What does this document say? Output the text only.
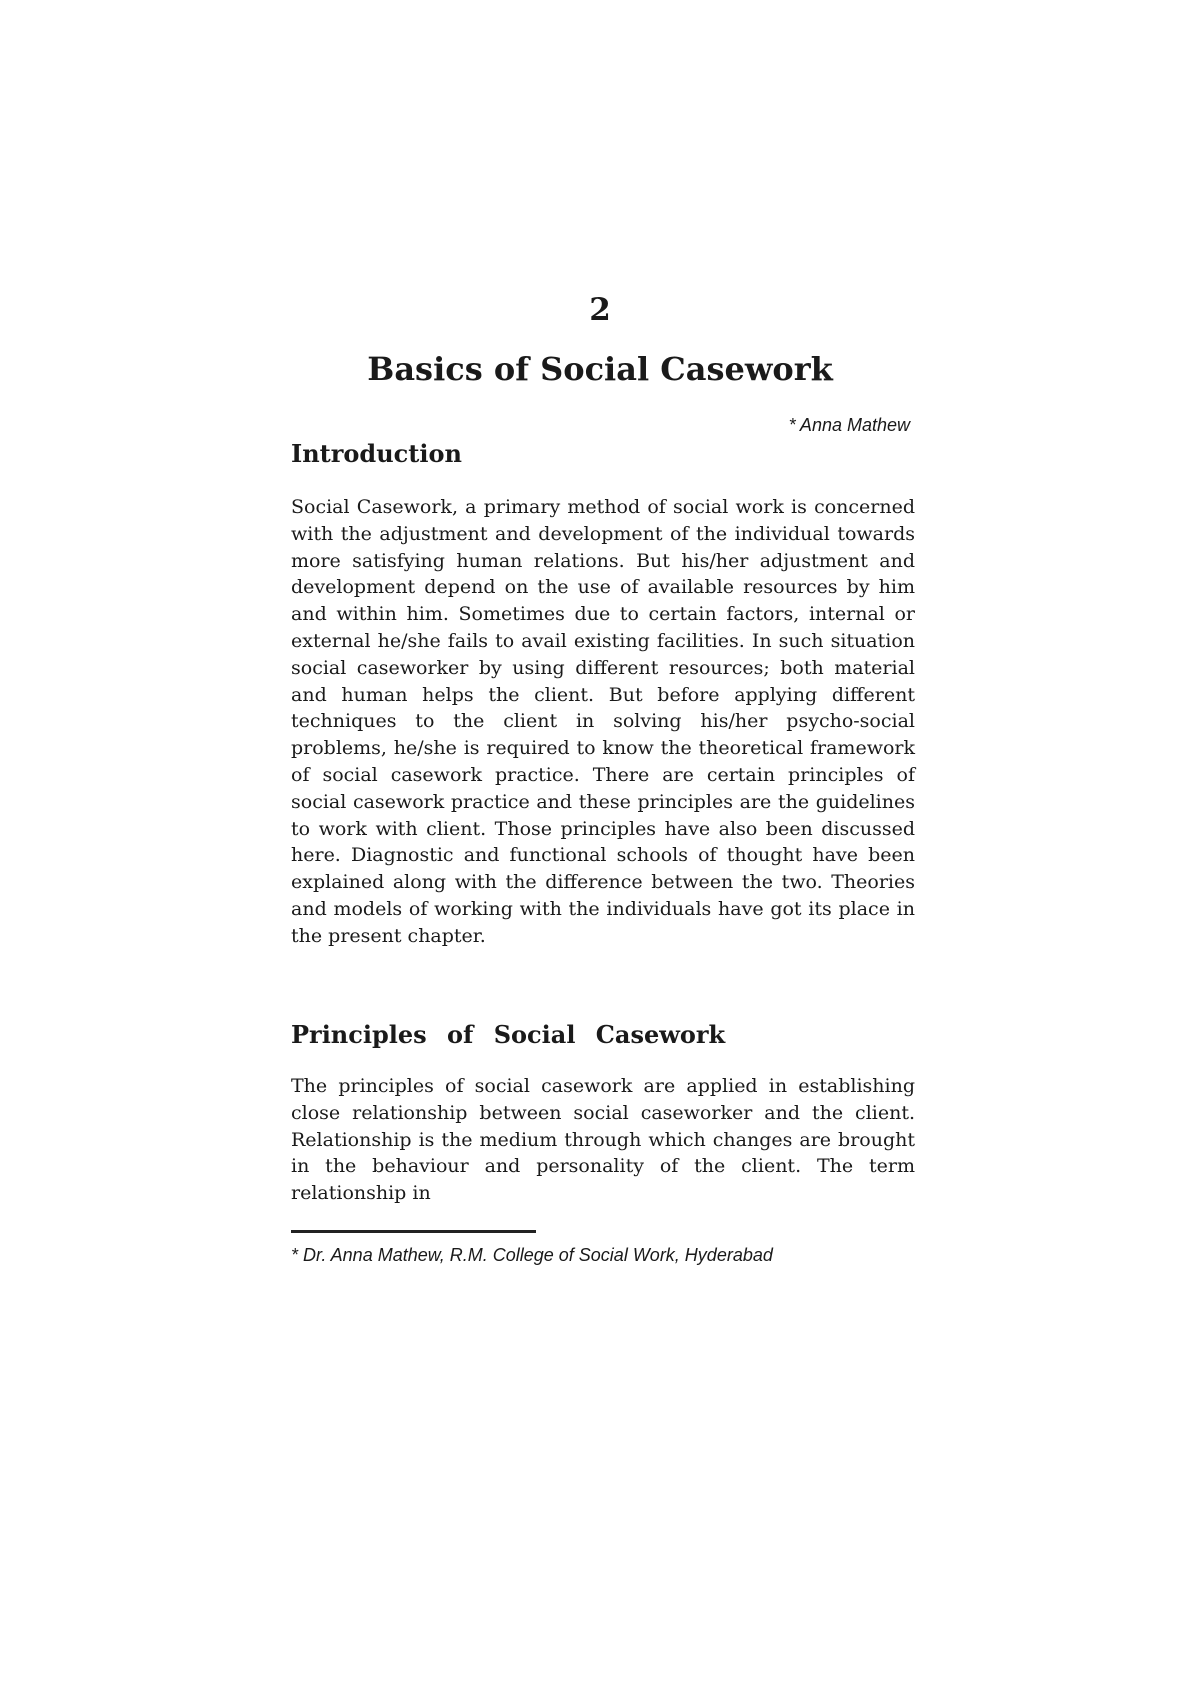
2
Basics of Social Casework
* Anna Mathew
Introduction

Social Casework, a primary method of social work is concerned with the adjustment and development of the individual towards more satisfying human relations. But his/her adjustment and development depend on the use of available resources by him and within him. Sometimes due to certain factors, internal or external he/she fails to avail existing facilities. In such situation social caseworker by using different resources; both material and human helps the client. But before applying different techniques to the client in solving his/her psycho-social problems, he/she is required to know the theoretical framework of social casework practice. There are certain principles of social casework practice and these principles are the guidelines to work with client. Those principles have also been discussed here. Diagnostic and functional schools of thought have been explained along with the difference between the two. Theories and models of working with the individuals have got its place in the present chapter.

Principles of Social Casework

The principles of social casework are applied in establishing close relationship between social caseworker and the client. Relationship is the medium through which changes are brought in the behaviour and personality of the client. The term relationship in

* Dr. Anna Mathew, R.M. College of Social Work, Hyderabad
